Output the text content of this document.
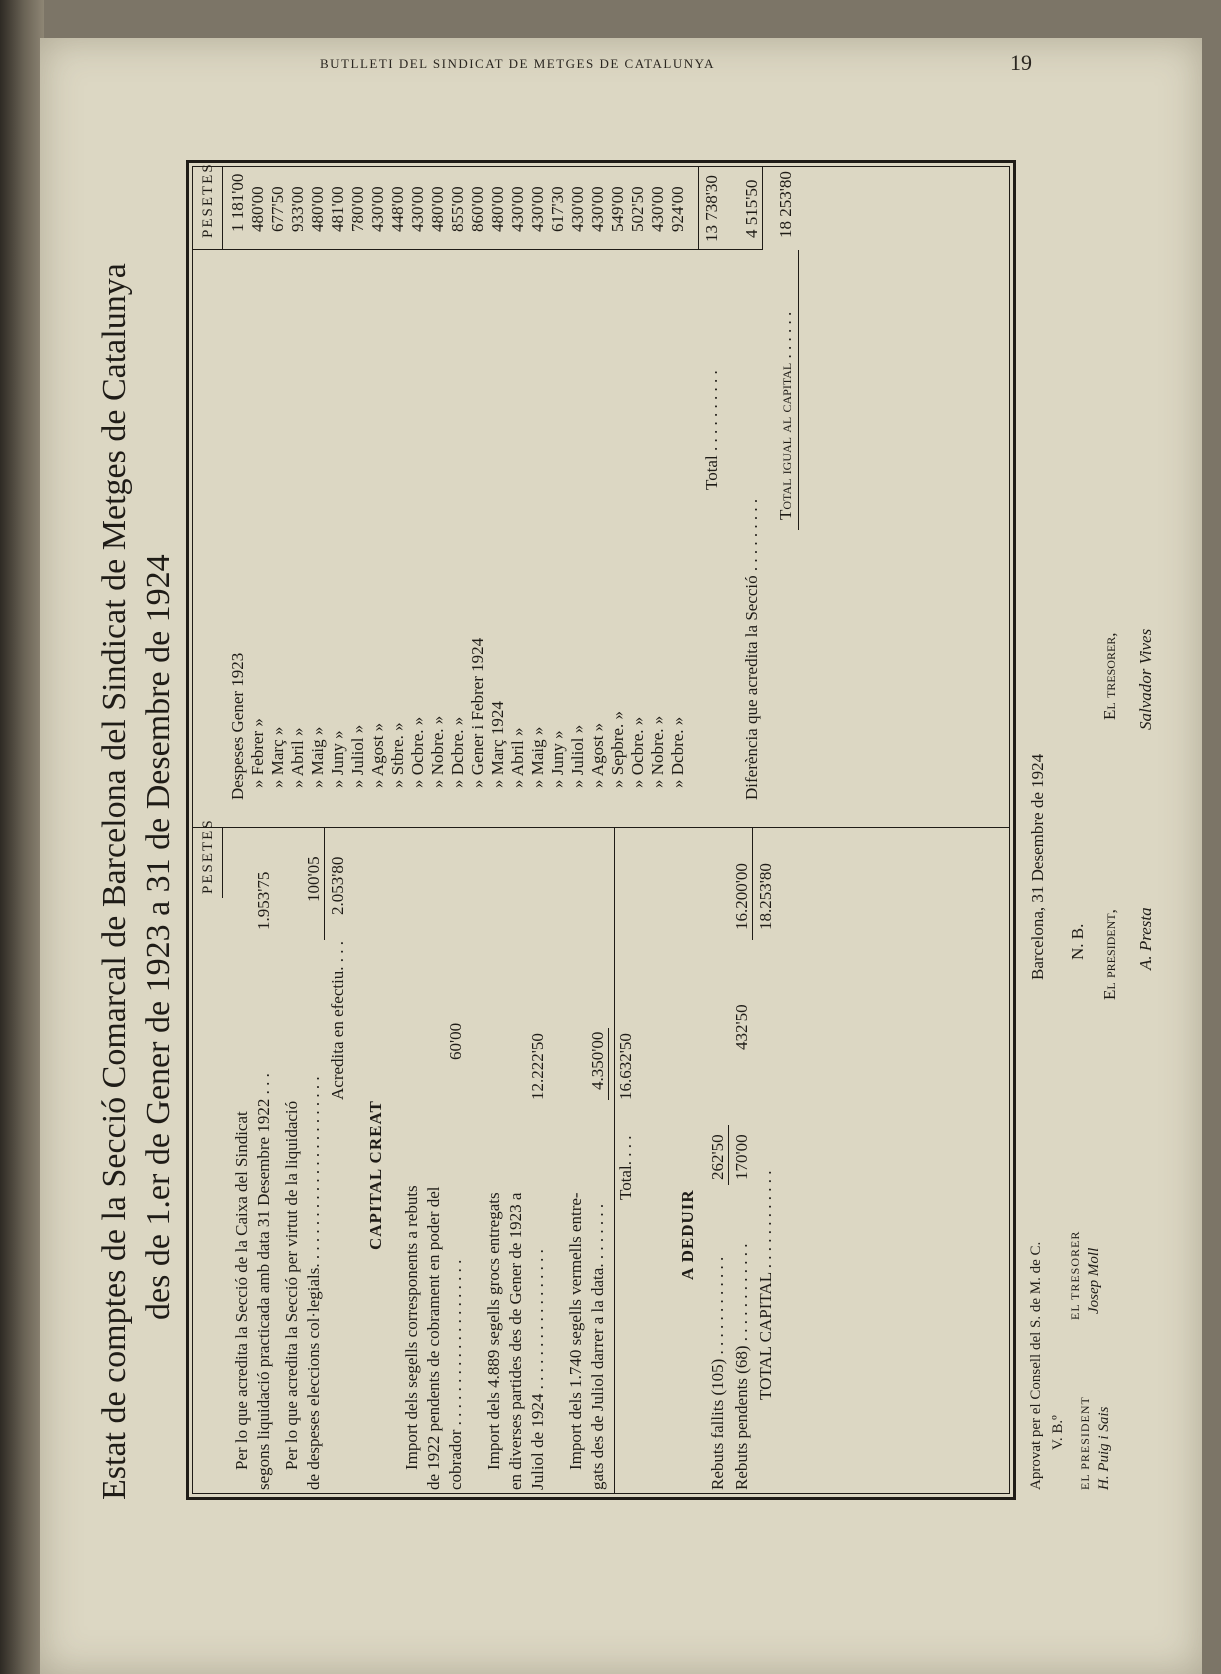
BUTLLETI DEL SINDICAT DE METGES DE CATALUNYA	19
Estat de comptes de la Secció Comarcal de Barcelona del Sindicat de Metges de Catalunya des de 1.er de Gener de 1923 a 31 de Desembre de 1924 PESETES
Per lo que acredita la Secció de la Caixa del Sindicat segons liquidació practicada amb data 31 Desembre 1922 . . .
1.953'75
Per lo que acredita la Secció per virtut de la liquidació de despeses eleccions col·legials. . . . . . . . . . . . . . . . . . . . . . .
100'05
Acredita en efectiu. . . .
2.053'80
CAPITAL CREAT
Import dels segells corresponents a rebuts de 1922 pendents de cobrament en poder del cobrador . . . . . . . . . . . . . . . . . . . .
60'00
Import dels 4.889 segells grocs entregats en diverses partides des de Gener de 1923 a Juliol de 1924 . . . . . . . . . . . . . . . . .
12.222'50
Import dels 1.740 segells vermells entre- gats des de Juliol darrer a la data. . . . . . . .
4.350'00
Total. . . .
16.632'50
A DEDUIR
Rebuts fallits (105) . . . . . . . . . . . .
262'50
Rebuts pendents (68) . . . . . . . . . . . .
170'00
432'50
16.200'00
TOTAL CAPITAL . . . . . . . . . . . .
18.253'80
PESETES
Despeses Gener 1923
1 181'00
» Febrer »
480'00
» Març »
677'50
» Abril »
933'00
» Maig »
480'00
» Juny »
481'00
» Juliol »
780'00
» Agost »
430'00
» Stbre. »
448'00
» Ocbre. »
430'00
» Nobre. »
480'00
» Dcbre. »
855'00
» Gener i Febrer 1924
860'00
» Març 1924
480'00
» Abril »
430'00
» Maig »
430'00
» Juny »
617'30
» Juliol »
430'00
» Agost »
430'00
» Sepbre. »
549'00
» Ocbre. »
502'50
» Nobre. »
430'00
» Dcbre. »
924'00
Total . . . . . . . . . .
13 738'30
Diferència que acredita la Secció . . . . . . . . .
4 515'50
Total igual al capital . . . . . .
18 253'80
Aprovat per el Consell del S. de M. de C. V. B.º EL PRESIDENT H. Puig i Sais
EL TRESORER Josep Moll
Barcelona, 31 Desembre de 1924 N. B. El president,
El tresorer,
A. Presta
Salvador Vives
